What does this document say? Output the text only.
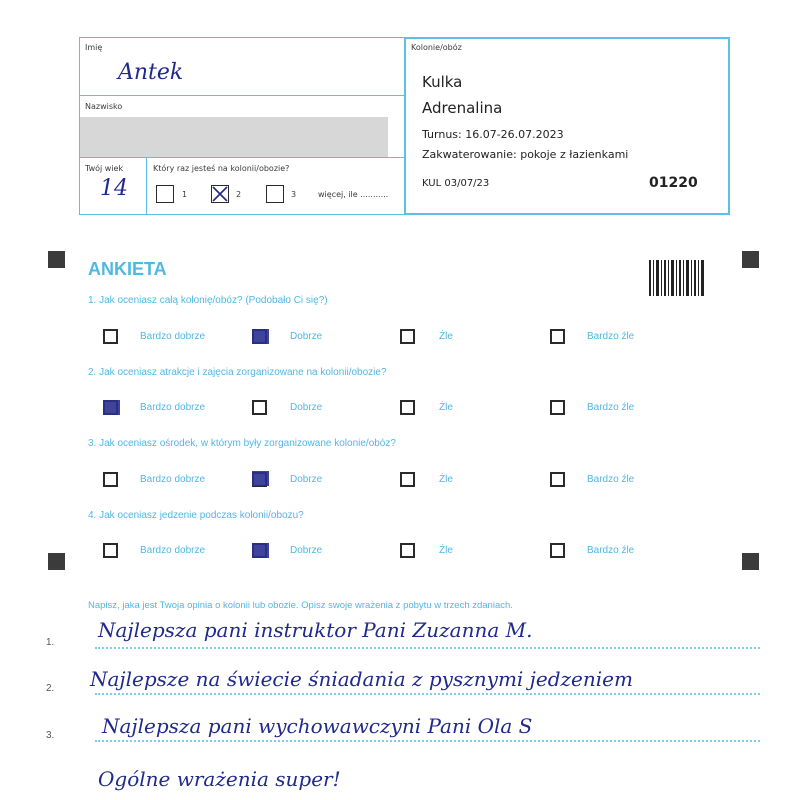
Imię
Antek
Nazwisko
Twój wiek
14
Który raz jesteś na kolonii/obozie?
1	2	3	więcej, ile ...........
Kolonie/obóz
Kulka
Adrenalina
Turnus: 16.07-26.07.2023
Zakwaterowanie: pokoje z łazienkami
KUL 03/07/23	01220
ANKIETA
1. Jak oceniasz całą kolonię/obóz? (Podobało Ci się?)
Bardzo dobrze	Dobrze	Źle	Bardzo źle
2. Jak oceniasz atrakcje i zajęcia zorganizowane na kolonii/obozie?
Bardzo dobrze	Dobrze	Źle	Bardzo źle
3. Jak oceniasz ośrodek, w którym były zorganizowane kolonie/obóz?
Bardzo dobrze	Dobrze	Źle	Bardzo źle
4. Jak oceniasz jedzenie podczas kolonii/obozu?
Bardzo dobrze	Dobrze	Źle	Bardzo źle
Napisz, jaka jest Twoja opinia o kolonii lub obozie. Opisz swoje wrażenia z pobytu w trzech zdaniach.
1.
2.
3.
Najlepsza pani instruktor Pani Zuzanna M.
Najlepsze na świecie śniadania z pysznymi jedzeniem
Najlepsza pani wychowawczyni Pani Ola S
Ogólne wrażenia super!
